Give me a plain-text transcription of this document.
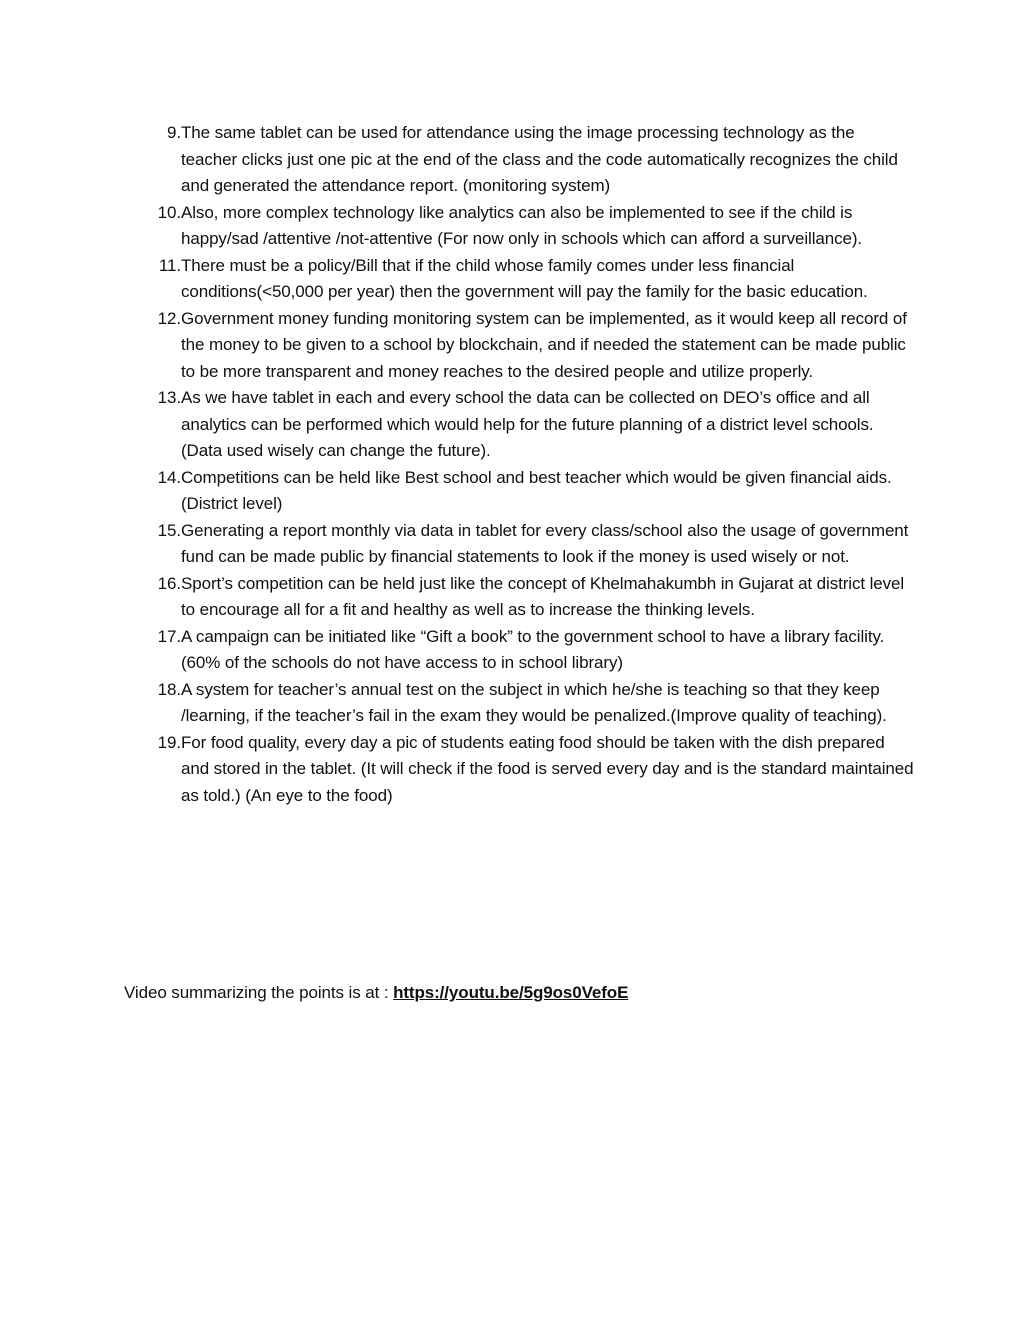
9. The same tablet can be used for attendance using the image processing technology as the teacher clicks just one pic at the end of the class and the code automatically recognizes the child and generated the attendance report. (monitoring system)
10. Also, more complex technology like analytics can also be implemented to see if the child is happy/sad /attentive /not-attentive (For now only in schools which can afford a surveillance).
11. There must be a policy/Bill that if the child whose family comes under less financial conditions(<50,000 per year) then the government will pay the family for the basic education.
12. Government money funding monitoring system can be implemented, as it would keep all record of the money to be given to a school by blockchain, and if needed the statement can be made public to be more transparent and money reaches to the desired people and utilize properly.
13. As we have tablet in each and every school the data can be collected on DEO’s office and all analytics can be performed which would help for the future planning of a district level schools.(Data used wisely can change the future).
14. Competitions can be held like Best school and best teacher which would be given financial aids. (District level)
15. Generating a report monthly via data in tablet for every class/school also the usage of government fund can be made public by financial statements to look if the money is used wisely or not.
16. Sport’s competition can be held just like the concept of Khelmahakumbh in Gujarat at district level to encourage all for a fit and healthy as well as to increase the thinking levels.
17. A campaign can be initiated like “Gift a book” to the government school to have a library facility.(60% of the schools do not have access to in school library)
18. A system for teacher’s annual test on the subject in which he/she is teaching so that they keep /learning, if the teacher’s fail in the exam they would be penalized.(Improve quality of teaching).
19. For food quality, every day a pic of students eating food should be taken with the dish prepared and stored in the tablet. (It will check if the food is served every day and is the standard maintained as told.) (An eye to the food)
Video summarizing the points is at : https://youtu.be/5g9os0VefoE
